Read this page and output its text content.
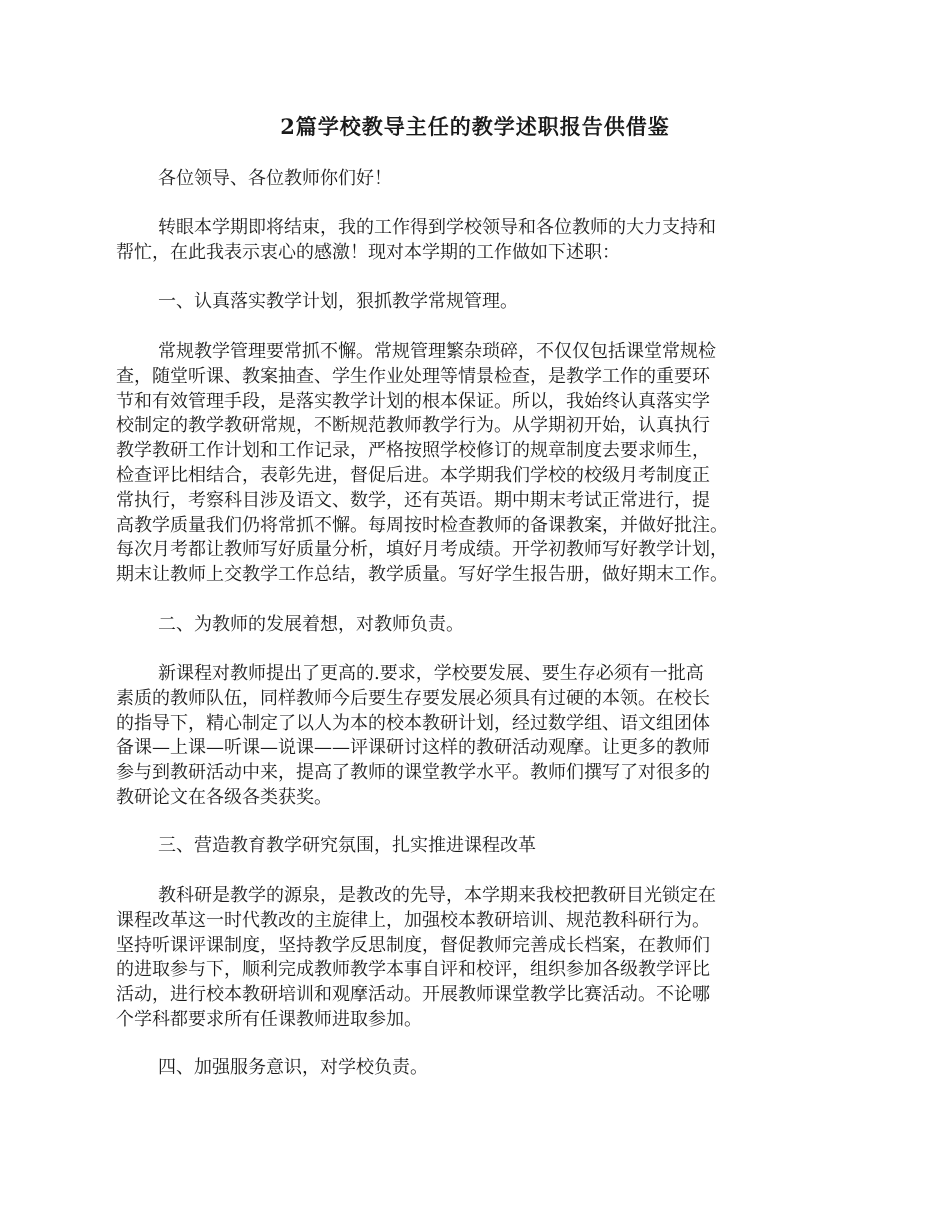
2篇学校教导主任的教学述职报告供借鉴
各位领导、各位教师你们好！
转眼本学期即将结束，我的工作得到学校领导和各位教师的大力支持和
帮忙，在此我表示衷心的感激！现对本学期的工作做如下述职：
一、认真落实教学计划，狠抓教学常规管理。
常规教学管理要常抓不懈。常规管理繁杂琐碎，不仅仅包括课堂常规检
查，随堂听课、教案抽查、学生作业处理等情景检查，是教学工作的重要环
节和有效管理手段，是落实教学计划的根本保证。所以，我始终认真落实学
校制定的教学教研常规，不断规范教师教学行为。从学期初开始，认真执行
教学教研工作计划和工作记录，严格按照学校修订的规章制度去要求师生，
检查评比相结合，表彰先进，督促后进。本学期我们学校的校级月考制度正
常执行，考察科目涉及语文、数学，还有英语。期中期末考试正常进行，提
高教学质量我们仍将常抓不懈。每周按时检查教师的备课教案，并做好批注。
每次月考都让教师写好质量分析，填好月考成绩。开学初教师写好教学计划，
期末让教师上交教学工作总结，教学质量。写好学生报告册，做好期末工作。
二、为教师的发展着想，对教师负责。
新课程对教师提出了更高的.要求，学校要发展、要生存必须有一批高
素质的教师队伍，同样教师今后要生存要发展必须具有过硬的本领。在校长
的指导下，精心制定了以人为本的校本教研计划，经过数学组、语文组团体
备课—上课—听课—说课——评课研讨这样的教研活动观摩。让更多的教师
参与到教研活动中来，提高了教师的课堂教学水平。教师们撰写了对很多的
教研论文在各级各类获奖。
三、营造教育教学研究氛围，扎实推进课程改革
教科研是教学的源泉，是教改的先导，本学期来我校把教研目光锁定在
课程改革这一时代教改的主旋律上，加强校本教研培训、规范教科研行为。
坚持听课评课制度，坚持教学反思制度，督促教师完善成长档案，在教师们
的进取参与下，顺利完成教师教学本事自评和校评，组织参加各级教学评比
活动，进行校本教研培训和观摩活动。开展教师课堂教学比赛活动。不论哪
个学科都要求所有任课教师进取参加。
四、加强服务意识，对学校负责。
